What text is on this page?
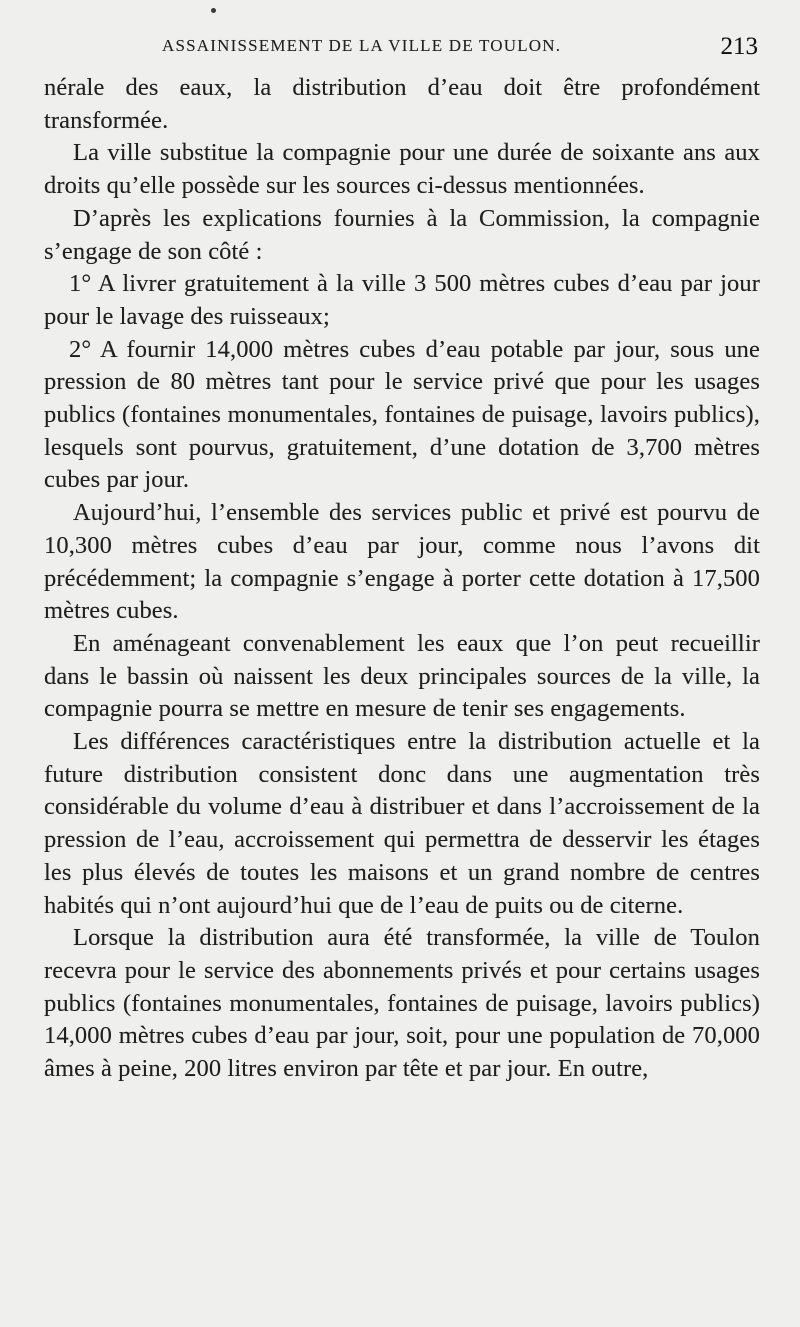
ASSAINISSEMENT DE LA VILLE DE TOULON.	213

nérale des eaux, la distribution d’eau doit être profondément transformée.

La ville substitue la compagnie pour une durée de soixante ans aux droits qu’elle possède sur les sources ci-dessus mentionnées.

D’après les explications fournies à la Commission, la compagnie s’engage de son côté :

1° A livrer gratuitement à la ville 3 500 mètres cubes d’eau par jour pour le lavage des ruisseaux;

2° A fournir 14,000 mètres cubes d’eau potable par jour, sous une pression de 80 mètres tant pour le service privé que pour les usages publics (fontaines monumentales, fontaines de puisage, lavoirs publics), lesquels sont pourvus, gratuitement, d’une dotation de 3,700 mètres cubes par jour.

Aujourd’hui, l’ensemble des services public et privé est pourvu de 10,300 mètres cubes d’eau par jour, comme nous l’avons dit précédemment; la compagnie s’engage à porter cette dotation à 17,500 mètres cubes.

En aménageant convenablement les eaux que l’on peut recueillir dans le bassin où naissent les deux principales sources de la ville, la compagnie pourra se mettre en mesure de tenir ses engagements.

Les différences caractéristiques entre la distribution actuelle et la future distribution consistent donc dans une augmentation très considérable du volume d’eau à distribuer et dans l’accroissement de la pression de l’eau, accroissement qui permettra de desservir les étages les plus élevés de toutes les maisons et un grand nombre de centres habités qui n’ont aujourd’hui que de l’eau de puits ou de citerne.

Lorsque la distribution aura été transformée, la ville de Toulon recevra pour le service des abonnements privés et pour certains usages publics (fontaines monumentales, fontaines de puisage, lavoirs publics) 14,000 mètres cubes d’eau par jour, soit, pour une population de 70,000 âmes à peine, 200 litres environ par tête et par jour. En outre,
